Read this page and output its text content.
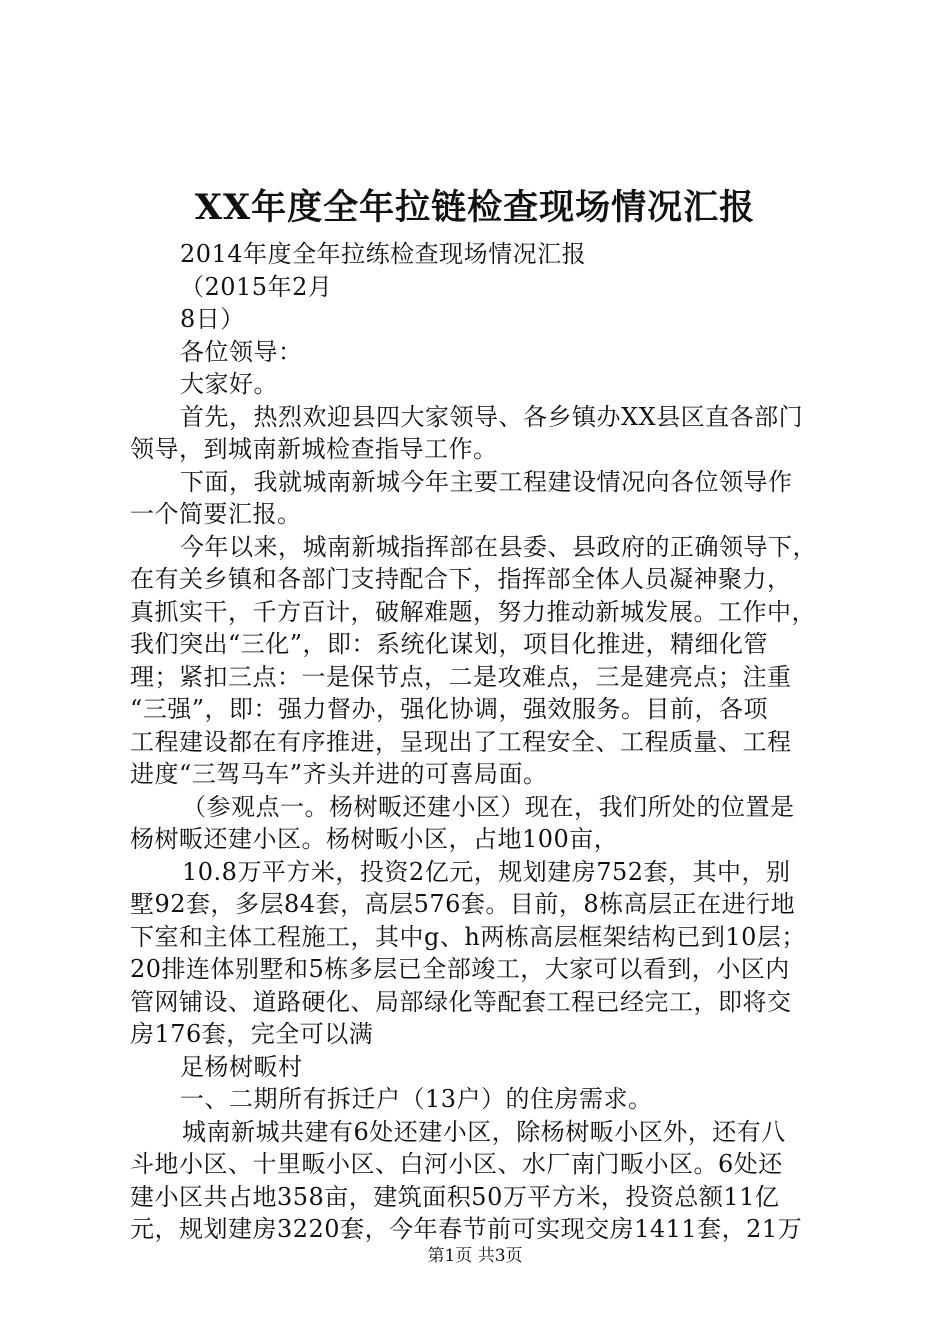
XX年度全年拉链检查现场情况汇报
2014年度全年拉练检查现场情况汇报
（2015年2月
8日）
各位领导：
大家好。
首先，热烈欢迎县四大家领导、各乡镇办XX县区直各部门
领导，到城南新城检查指导工作。
下面，我就城南新城今年主要工程建设情况向各位领导作
一个简要汇报。
今年以来，城南新城指挥部在县委、县政府的正确领导下，
在有关乡镇和各部门支持配合下，指挥部全体人员凝神聚力，
真抓实干，千方百计，破解难题，努力推动新城发展。工作中，
我们突出“三化”，即：系统化谋划，项目化推进，精细化管
理；紧扣三点：一是保节点，二是攻难点，三是建亮点；注重
“三强”，即：强力督办，强化协调，强效服务。目前，各项
工程建设都在有序推进，呈现出了工程安全、工程质量、工程
进度“三驾马车”齐头并进的可喜局面。
（参观点一。杨树畈还建小区）现在，我们所处的位置是
杨树畈还建小区。杨树畈小区，占地100亩，
10.8万平方米，投资2亿元，规划建房752套，其中，别
墅92套，多层84套，高层576套。目前，8栋高层正在进行地
下室和主体工程施工，其中g、h两栋高层框架结构已到10层；
20排连体别墅和5栋多层已全部竣工，大家可以看到，小区内
管网铺设、道路硬化、局部绿化等配套工程已经完工，即将交
房176套，完全可以满
足杨树畈村
一、二期所有拆迁户（13户）的住房需求。
城南新城共建有6处还建小区，除杨树畈小区外，还有八
斗地小区、十里畈小区、白河小区、水厂南门畈小区。6处还
建小区共占地358亩，建筑面积50万平方米，投资总额11亿
元，规划建房3220套，今年春节前可实现交房1411套，21万
第1页 共3页
